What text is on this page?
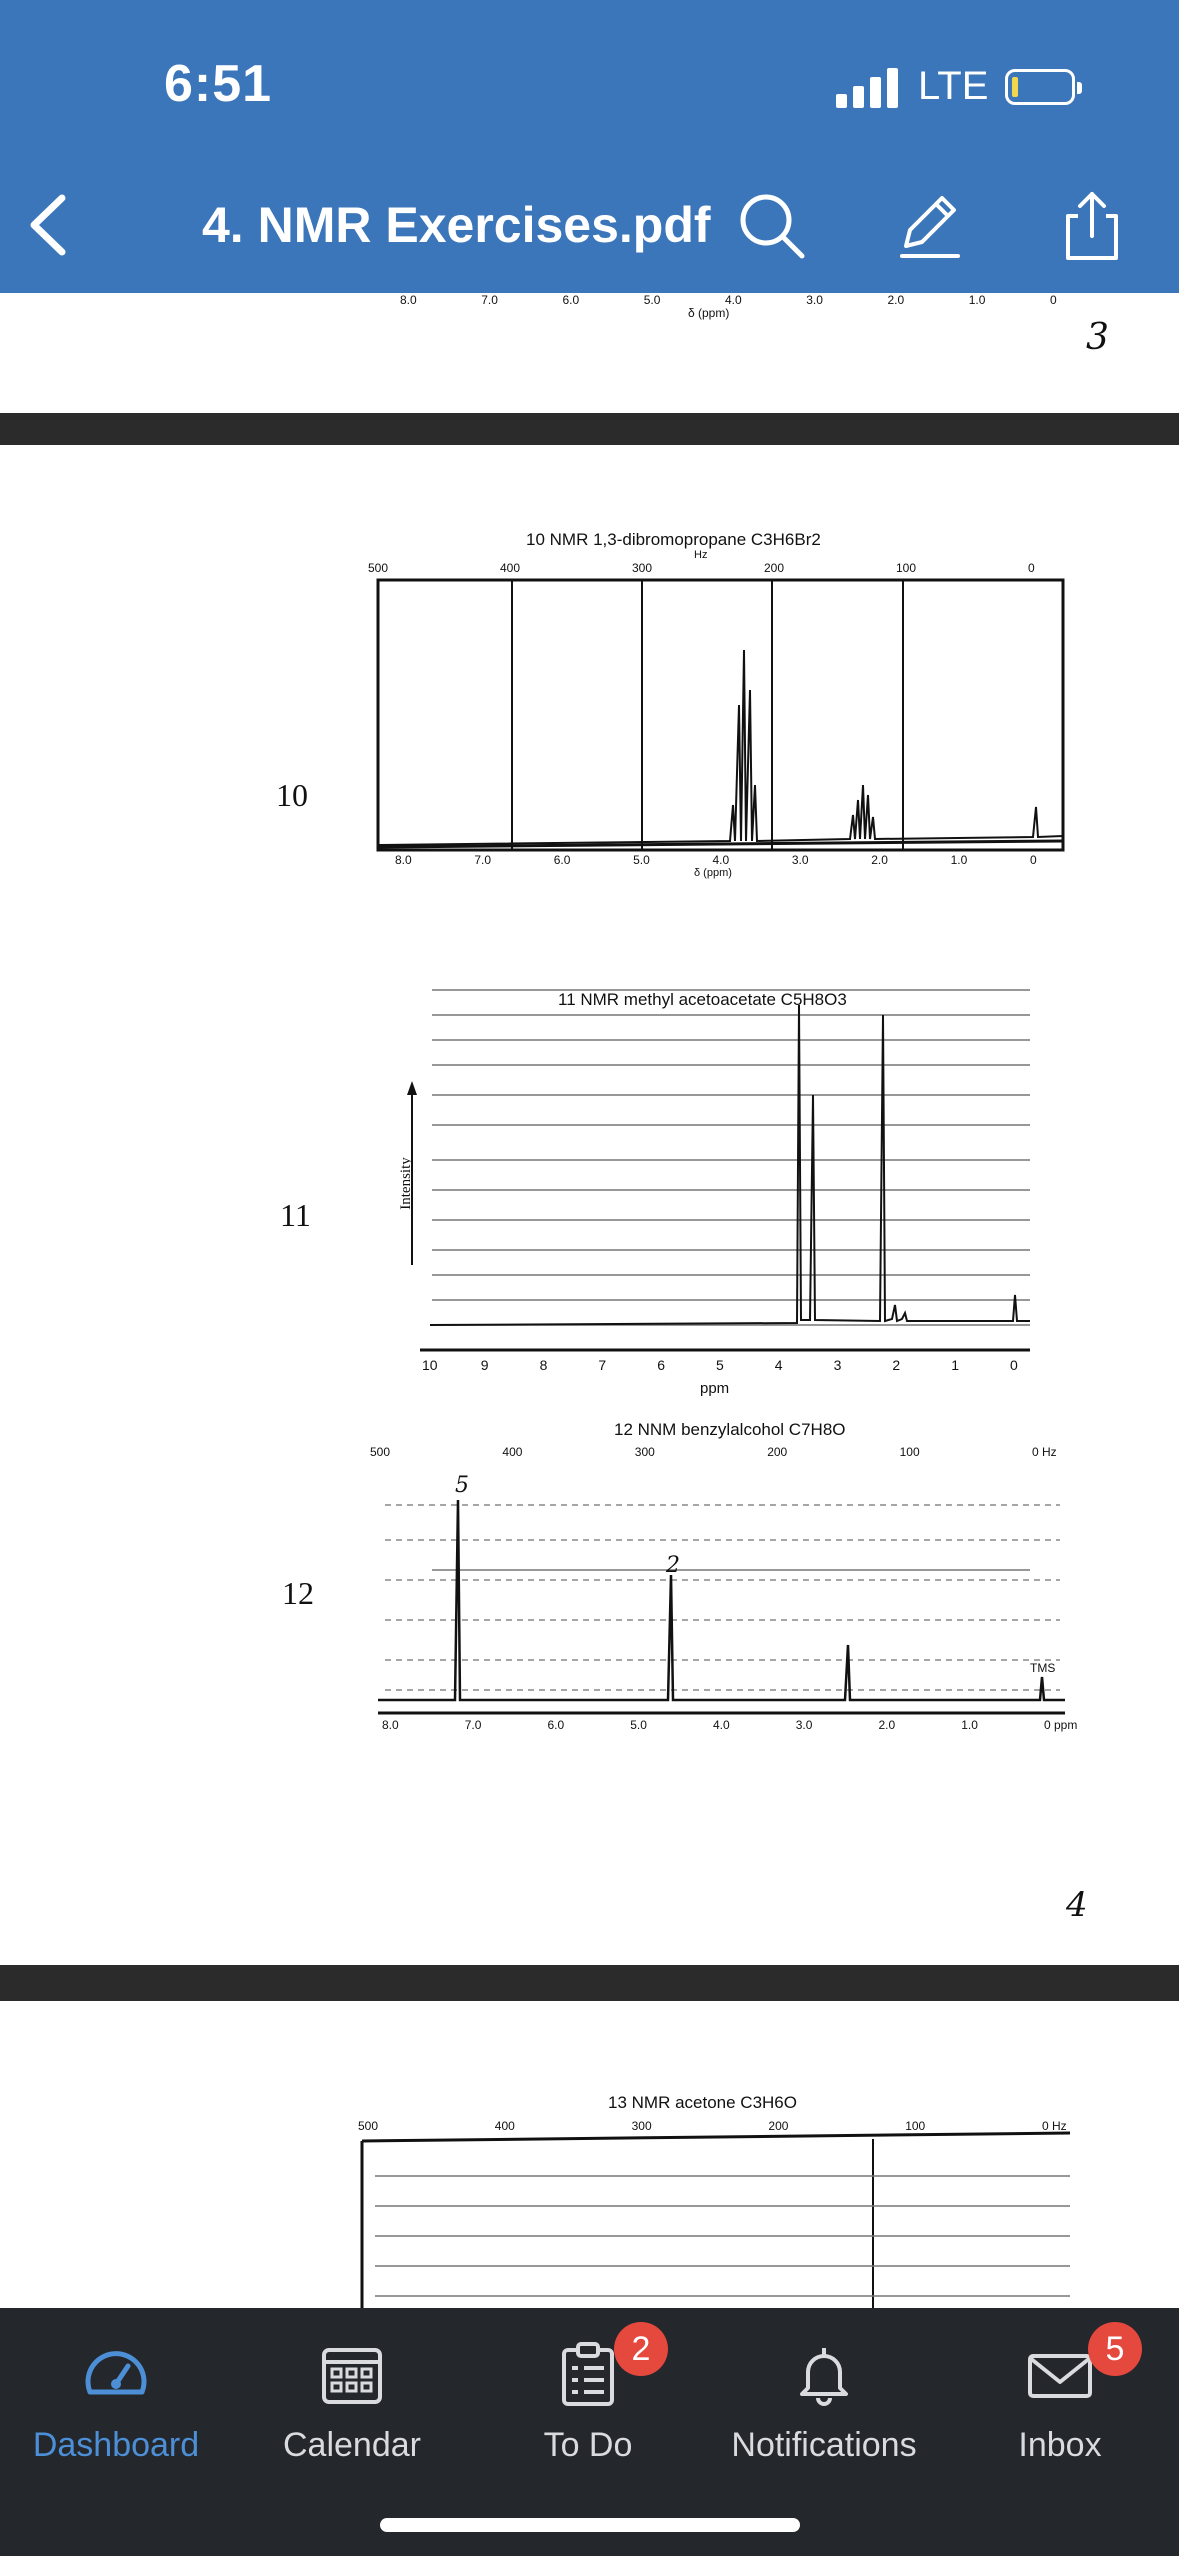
6:51	LTE
4. NMR Exercises.pdf
8.0	7.0	6.0	5.0	4.0	3.0	2.0	1.0	0
δ (ppm)
3
10
10 NMR 1,3-dibromopropane C3H6Br2
Hz
500	400	300	200	100	0
8.0	7.0	6.0	5.0	4.0	3.0	2.0	1.0	0
δ (ppm)
11
11 NMR methyl acetoacetate C5H8O3
Intensity
10	9	8	7	6	5	4	3	2	1	0
ppm
12
12 NNM benzylalcohol C7H8O
500	400	300	200	100	0 Hz
8.0	7.0	6.0	5.0	4.0	3.0	2.0	1.0	0 ppm
5
2
TMS
4
13 NMR acetone C3H6O
500	400	300	200	100	0 Hz
Dashboard	Calendar
2
To Do	Notifications
5
Inbox
